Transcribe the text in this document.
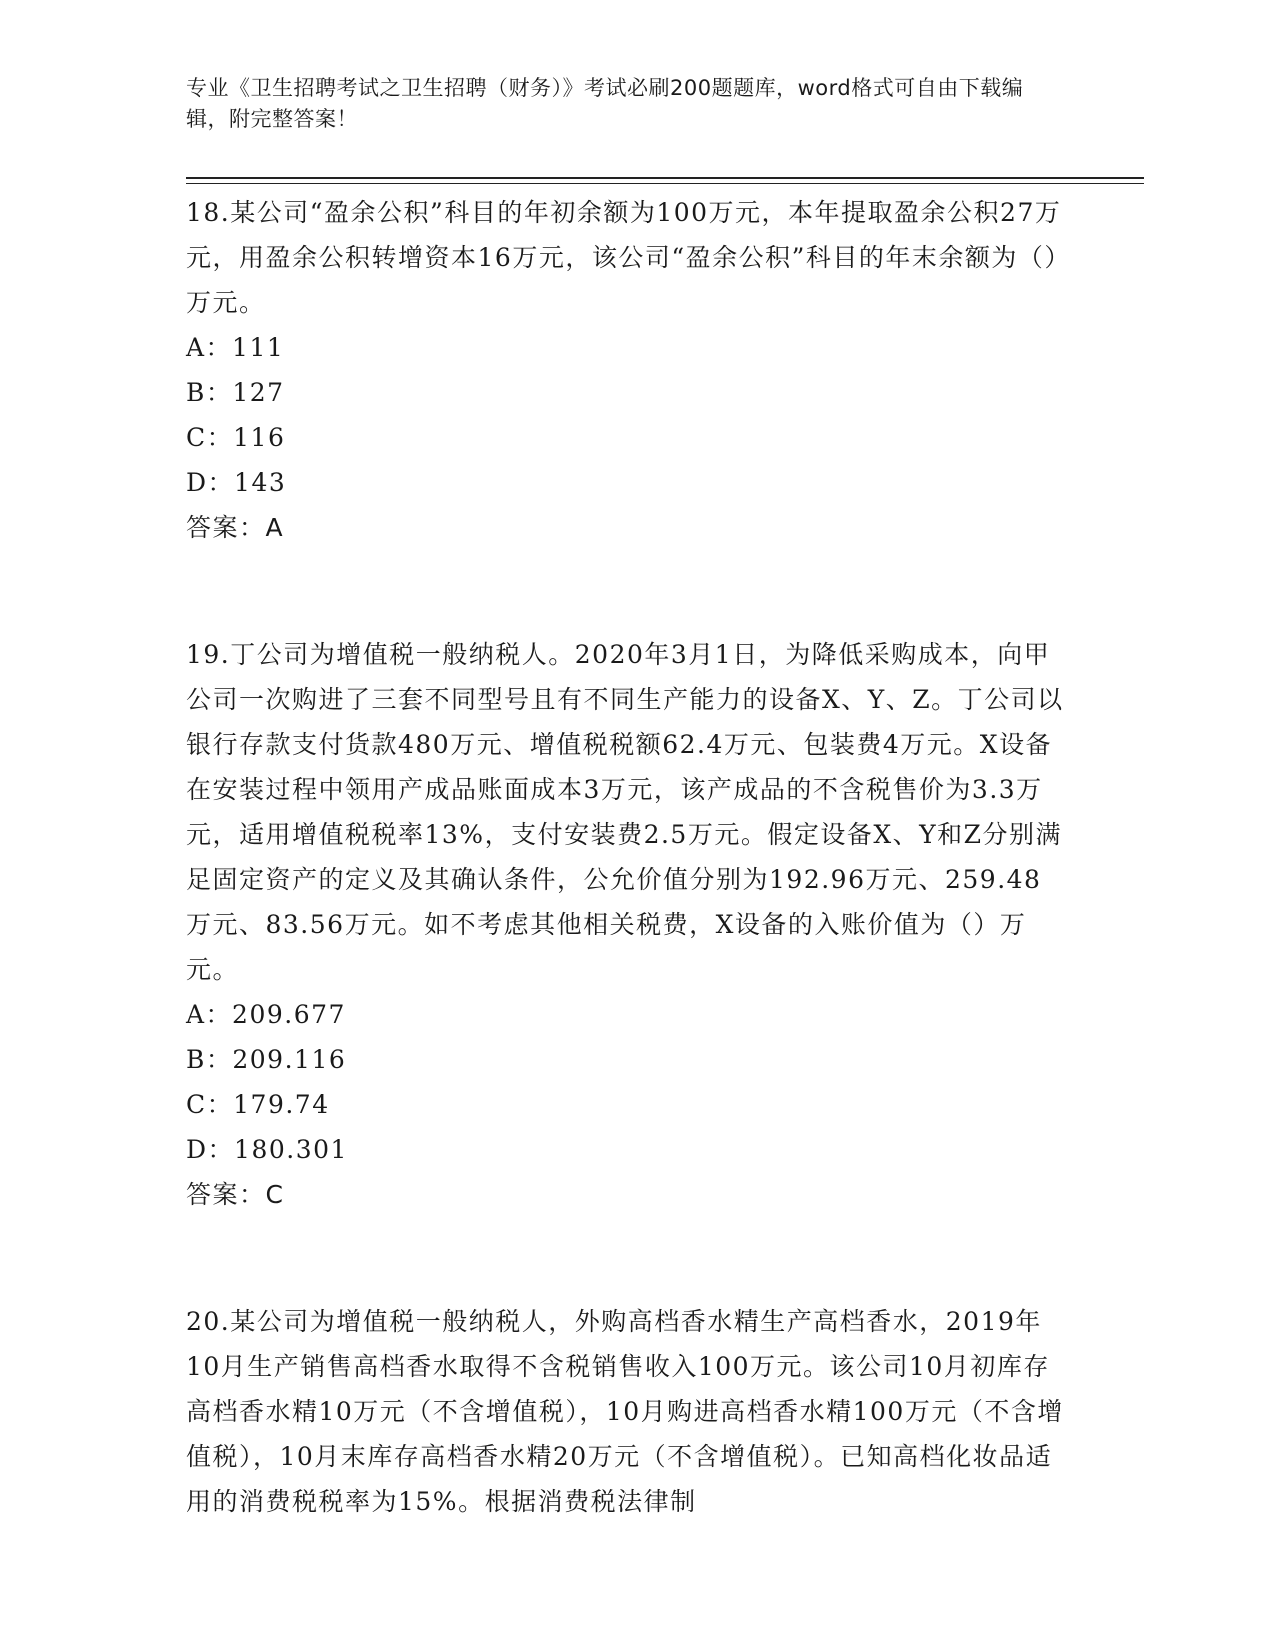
专业《卫生招聘考试之卫生招聘（财务）》考试必刷200题题库，word格式可自由下载编辑，附完整答案！

18.某公司“盈余公积”科目的年初余额为100万元，本年提取盈余公积27万元，用盈余公积转增资本16万元，该公司“盈余公积”科目的年末余额为（）万元。

A：111

B：127

C：116

D：143

答案：A

19.丁公司为增值税一般纳税人。2020年3月1日，为降低采购成本，向甲公司一次购进了三套不同型号且有不同生产能力的设备X、Y、Z。丁公司以银行存款支付货款480万元、增值税税额62.4万元、包装费4万元。X设备在安装过程中领用产成品账面成本3万元，该产成品的不含税售价为3.3万元，适用增值税税率13%，支付安装费2.5万元。假定设备X、Y和Z分别满足固定资产的定义及其确认条件，公允价值分别为192.96万元、259.48万元、83.56万元。如不考虑其他相关税费，X设备的入账价值为（）万元。

A：209.677

B：209.116

C：179.74

D：180.301

答案：C

20.某公司为增值税一般纳税人，外购高档香水精生产高档香水，2019年10月生产销售高档香水取得不含税销售收入100万元。该公司10月初库存高档香水精10万元（不含增值税），10月购进高档香水精100万元（不含增值税），10月末库存高档香水精20万元（不含增值税）。已知高档化妆品适用的消费税税率为15%。根据消费税法律制
